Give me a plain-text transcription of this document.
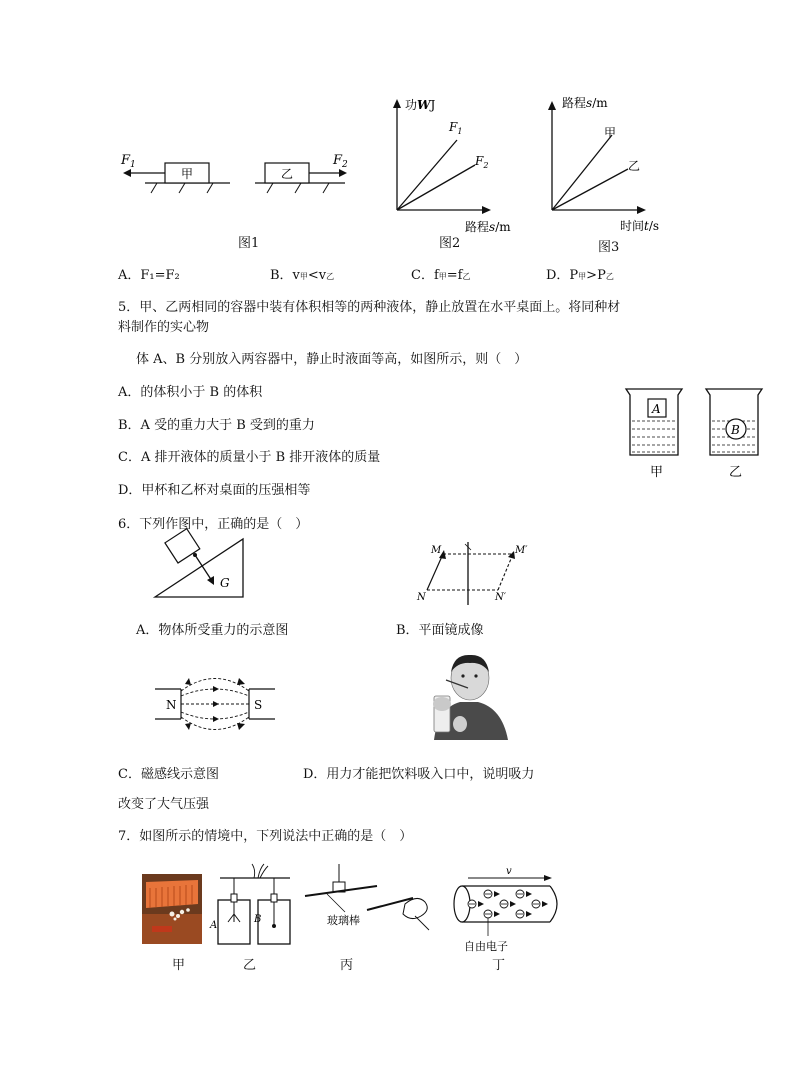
$F_1$
甲	乙
$F_2$
图1
功WJ
$F_1$
$F_2$
路程s/m
图2
路程s/m
甲
乙
时间t/s
图3
A．F₁=F₂	B．v甲<v乙	C．f甲=f乙	D．P甲>P乙
5．甲、乙两相同的容器中装有体积相等的两种液体，静止放置在水平桌面上。将同种材
料制作的实心物
体 A、B 分别放入两容器中，静止时液面等高，如图所示，则（　）
A．的体积小于 B 的体积
B．A 受的重力大于 B 受到的重力
C．A 排开液体的质量小于 B 排开液体的质量
D．甲杯和乙杯对桌面的压强相等
A
B
甲	乙
6．下列作图中，正确的是（　）
G
A．物体所受重力的示意图
M	M′
N	N′
B．平面镜成像
N	S
C．磁感线示意图	D．用力才能把饮料吸入口中，说明吸力
改变了大气压强
7．如图所示的情境中，下列说法中正确的是（　）
甲
A
B
乙
玻璃棒
丙
v
自由电子
丁
